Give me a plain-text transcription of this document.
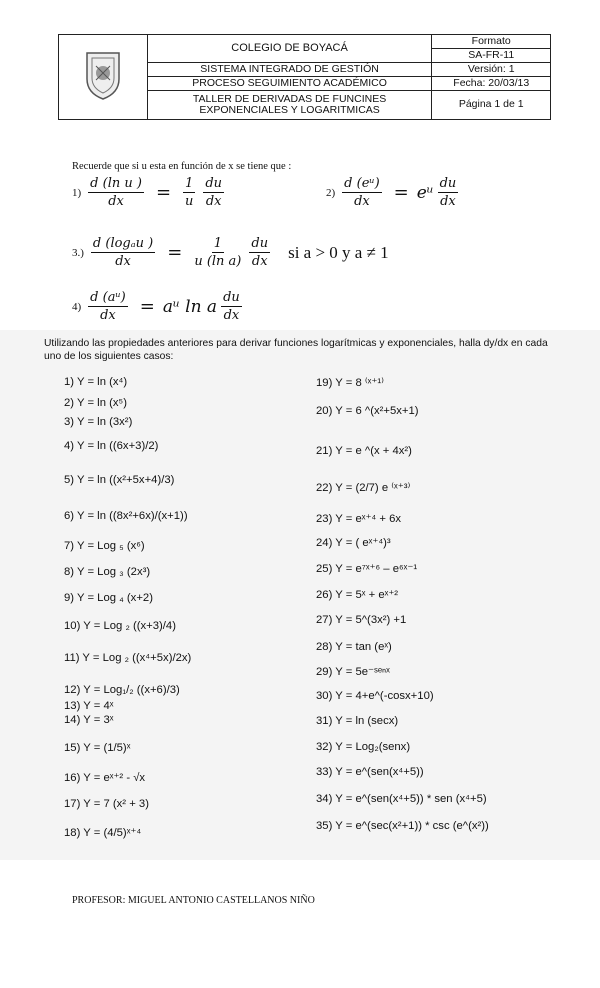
	COLEGIO DE BOYACÁ	Formato
		SA-FR-11
	SISTEMA INTEGRADO DE GESTIÓN	Versión: 1
	PROCESO SEGUIMIENTO ACADÉMICO	Fecha: 20/03/13
	TALLER DE DERIVADAS DE FUNCINES
EXPONENCIALES Y LOGARITMICAS	Página 1 de 1
Recuerde que si u esta en función de x se tiene que :
$1) \frac{\text{d (ln u )}}{dx} = \frac{1}{u} \frac{du}{dx}$	$2) \frac{\text{d (eᵘ)}}{dx}$ = eᵘ $\frac{du}{dx}$
$3.) \frac{\text{d (logₐu )}}{dx} = \frac{1}{\text{u (ln a)}} \frac{du}{dx}$ si a > 0 y a ≠ 1
$4) \frac{\text{d (aᵘ)}}{dx}$ = aᵘ ln a $\frac{du}{dx}$
Utilizando las propiedades anteriores para derivar funciones logarítmicas y exponenciales, halla dy/dx en cada uno de los siguientes casos:
PROFESOR: MIGUEL ANTONIO CASTELLANOS NIÑO
1) Y = ln (x⁴)
2) Y = ln (x⁵)
3) Y = ln (3x²)
4) Y = ln ((6x+3)/2)
5) Y = ln ((x²+5x+4)/3)
6) Y = ln ((8x²+6x)/(x+1))
7) Y = Log ₅ (x⁶)
8) Y = Log ₃ (2x³)
9) Y = Log ₄ (x+2)
10) Y = Log ₂ ((x+3)/4)
11) Y = Log ₂ ((x⁴+5x)/2x)
12) Y = Log₁/₂ ((x+6)/3)
13) Y = 4ˣ
14) Y = 3ˣ
15) Y = (1/5)ˣ
16) Y = eˣ⁺² - √x
17) Y = 7 (x² + 3)
18) Y = (4/5)ˣ⁺⁴
19) Y = 8 ⁽ˣ⁺¹⁾
20) Y = 6 ^(x²+5x+1)
21) Y = e ^(x + 4x²)
22) Y = (2/7) e ⁽ˣ⁺³⁾
23) Y = eˣ⁺⁴ + 6x
24) Y = ( eˣ⁺⁴)³
25) Y = e⁷ˣ⁺⁶ – e⁶ˣ⁻¹
26) Y = 5ˣ + eˣ⁺²
27) Y = 5^(3x²) +1
28) Y = tan (eˣ)
29) Y = 5e⁻ˢᵉⁿˣ
30) Y = 4+e^(-cosx+10)
31) Y = ln (secx)
32) Y = Log₂(senx)
33) Y = e^(sen(x⁴+5))
34) Y = e^(sen(x⁴+5)) * sen (x⁴+5)
35) Y = e^(sec(x²+1)) * csc (e^(x²))
